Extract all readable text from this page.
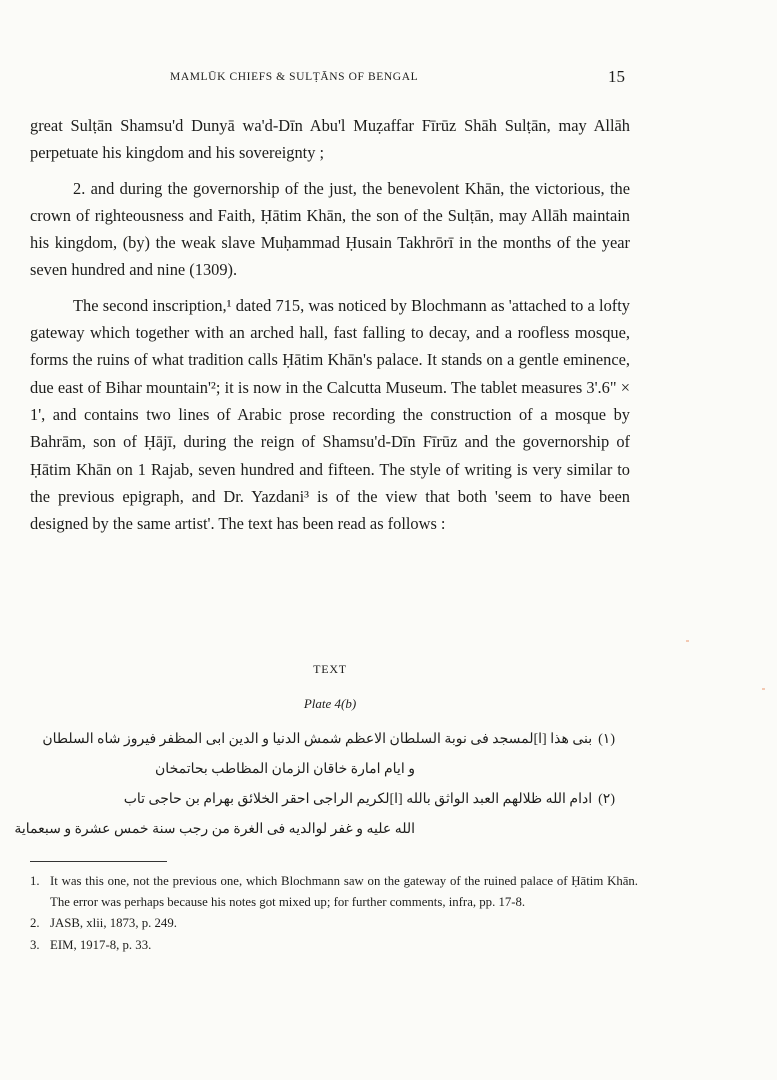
MAMLŪK CHIEFS & SULṬĀNS OF BENGAL	15

great Sulṭān Shamsu'd Dunyā wa'd-Dīn Abu'l Muẓaffar Fīrūz Shāh Sulṭān, may Allāh perpetuate his kingdom and his sovereignty ;

2. and during the governorship of the just, the benevolent Khān, the victorious, the crown of righteousness and Faith, Ḥātim Khān, the son of the Sulṭān, may Allāh maintain his kingdom, (by) the weak slave Muḥammad Ḥusain Takhrōrī in the months of the year seven hundred and nine (1309).

The second inscription,¹ dated 715, was noticed by Blochmann as 'attached to a lofty gateway which together with an arched hall, fast falling to decay, and a roofless mosque, forms the ruins of what tradition calls Ḥātim Khān's palace. It stands on a gentle eminence, due east of Bihar mountain'²; it is now in the Calcutta Museum. The tablet measures 3'.6" × 1', and contains two lines of Arabic prose recording the construction of a mosque by Bahrām, son of Ḥājī, during the reign of Shamsu'd-Dīn Fīrūz and the governorship of Ḥātim Khān on 1 Rajab, seven hundred and fifteen. The style of writing is very similar to the previous epigraph, and Dr. Yazdani³ is of the view that both 'seem to have been designed by the same artist'. The text has been read as follows :

TEXT
Plate 4(b)
(١)
بنى هذا [ا]لمسجد فى نوبة السلطان الاعظم شمش الدنيا و الدين ابى المظفر فيروز شاه السلطان
و ايام امارة خاقان الزمان المظاطب بحاتمخان
(٢)
ادام الله ظلالهم العبد الواثق بالله [ا]لكريم الراجى احقر الخلائق بهرام بن حاجى تاب
الله عليه و غفر لوالديه فى الغرة من رجب سنة خمس عشرة و سبعماية
1. It was this one, not the previous one, which Blochmann saw on the gateway of the ruined palace of Ḥātim Khān. The error was perhaps because his notes got mixed up; for further comments, infra, pp. 17-8.
2. JASB, xlii, 1873, p. 249.
3. EIM, 1917-8, p. 33.
